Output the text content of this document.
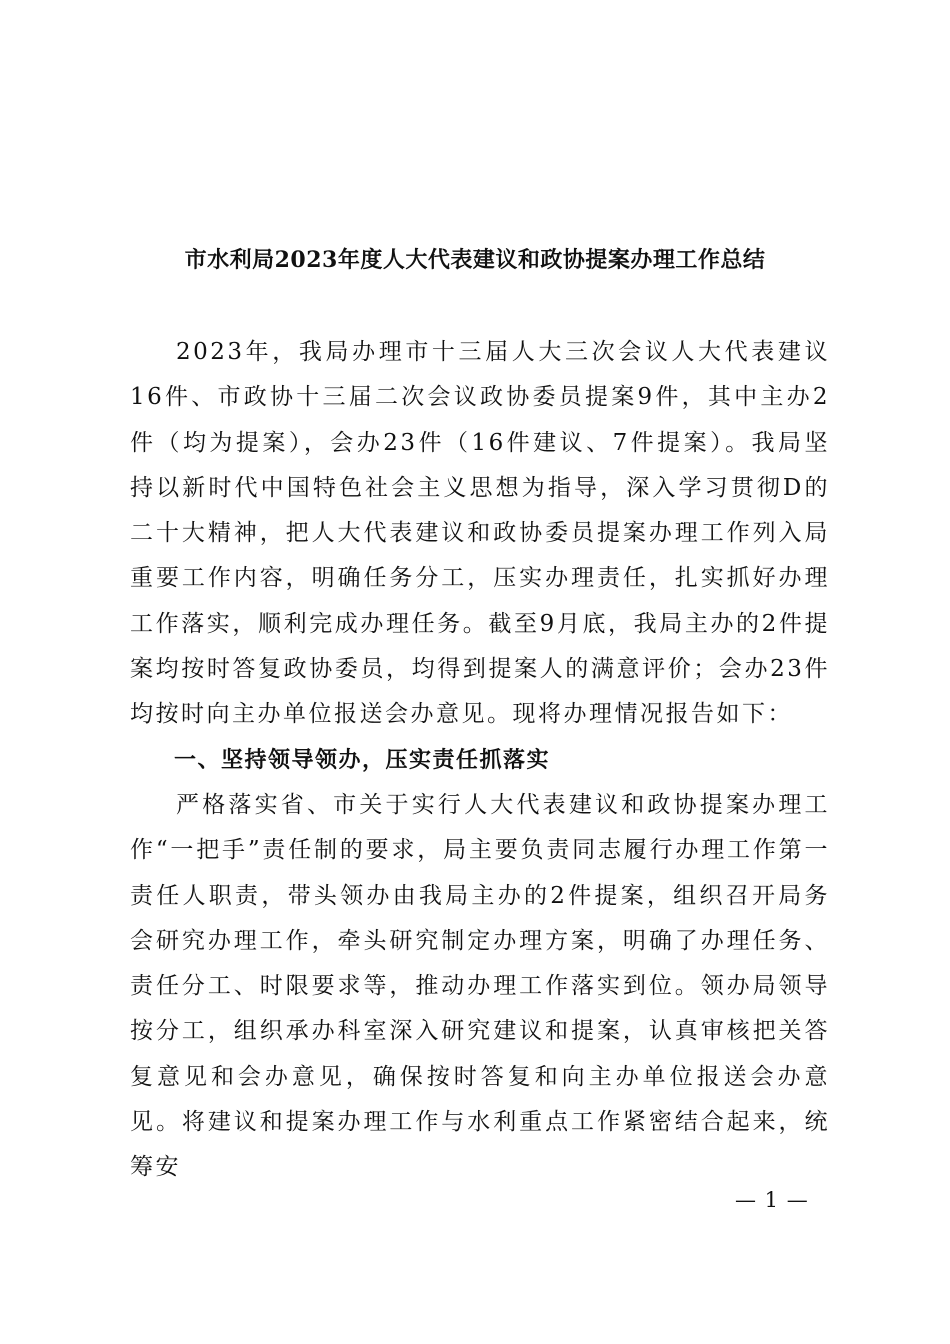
市水利局2023年度人大代表建议和政协提案办理工作总结

2023年，我局办理市十三届人大三次会议人大代表建议16件、市政协十三届二次会议政协委员提案9件，其中主办2件（均为提案），会办23件（16件建议、7件提案）。我局坚持以新时代中国特色社会主义思想为指导，深入学习贯彻D的二十大精神，把人大代表建议和政协委员提案办理工作列入局重要工作内容，明确任务分工，压实办理责任，扎实抓好办理工作落实，顺利完成办理任务。截至9月底，我局主办的2件提案均按时答复政协委员，均得到提案人的满意评价；会办23件均按时向主办单位报送会办意见。现将办理情况报告如下：

一、坚持领导领办，压实责任抓落实

严格落实省、市关于实行人大代表建议和政协提案办理工作“一把手”责任制的要求，局主要负责同志履行办理工作第一责任人职责，带头领办由我局主办的2件提案，组织召开局务会研究办理工作，牵头研究制定办理方案，明确了办理任务、责任分工、时限要求等，推动办理工作落实到位。领办局领导按分工，组织承办科室深入研究建议和提案，认真审核把关答复意见和会办意见，确保按时答复和向主办单位报送会办意见。将建议和提案办理工作与水利重点工作紧密结合起来，统筹安

— 1 —
